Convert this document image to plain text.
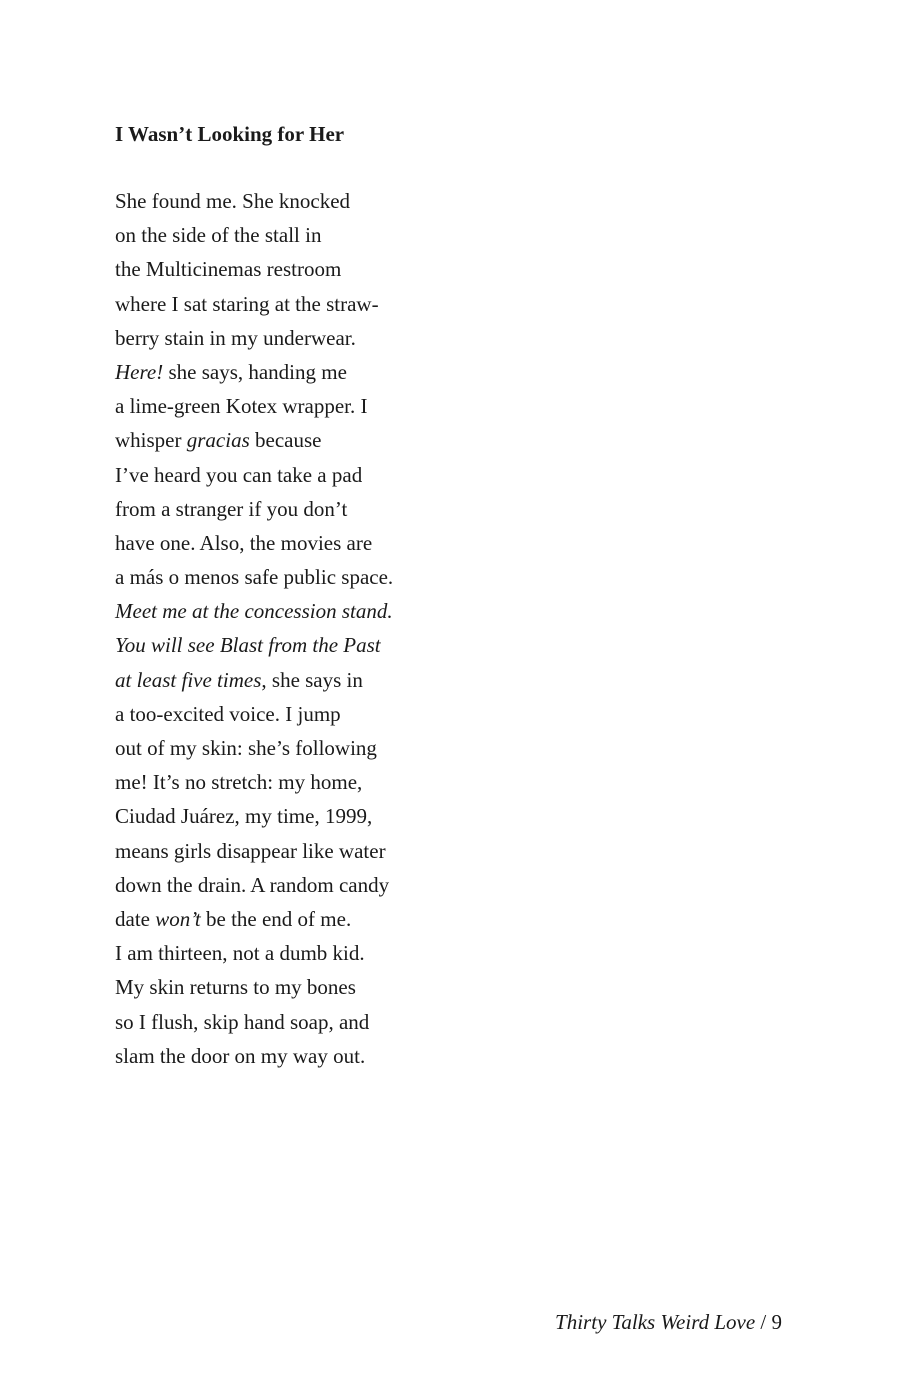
I Wasn’t Looking for Her
She found me. She knocked
on the side of the stall in
the Multicinemas restroom
where I sat staring at the straw-
berry stain in my underwear.
Here! she says, handing me
a lime-green Kotex wrapper. I
whisper gracias because
I’ve heard you can take a pad
from a stranger if you don’t
have one. Also, the movies are
a más o menos safe public space.
Meet me at the concession stand.
You will see Blast from the Past
at least five times, she says in
a too-excited voice. I jump
out of my skin: she’s following
me! It’s no stretch: my home,
Ciudad Juárez, my time, 1999,
means girls disappear like water
down the drain. A random candy
date won’t be the end of me.
I am thirteen, not a dumb kid.
My skin returns to my bones
so I flush, skip hand soap, and
slam the door on my way out.
Thirty Talks Weird Love / 9
